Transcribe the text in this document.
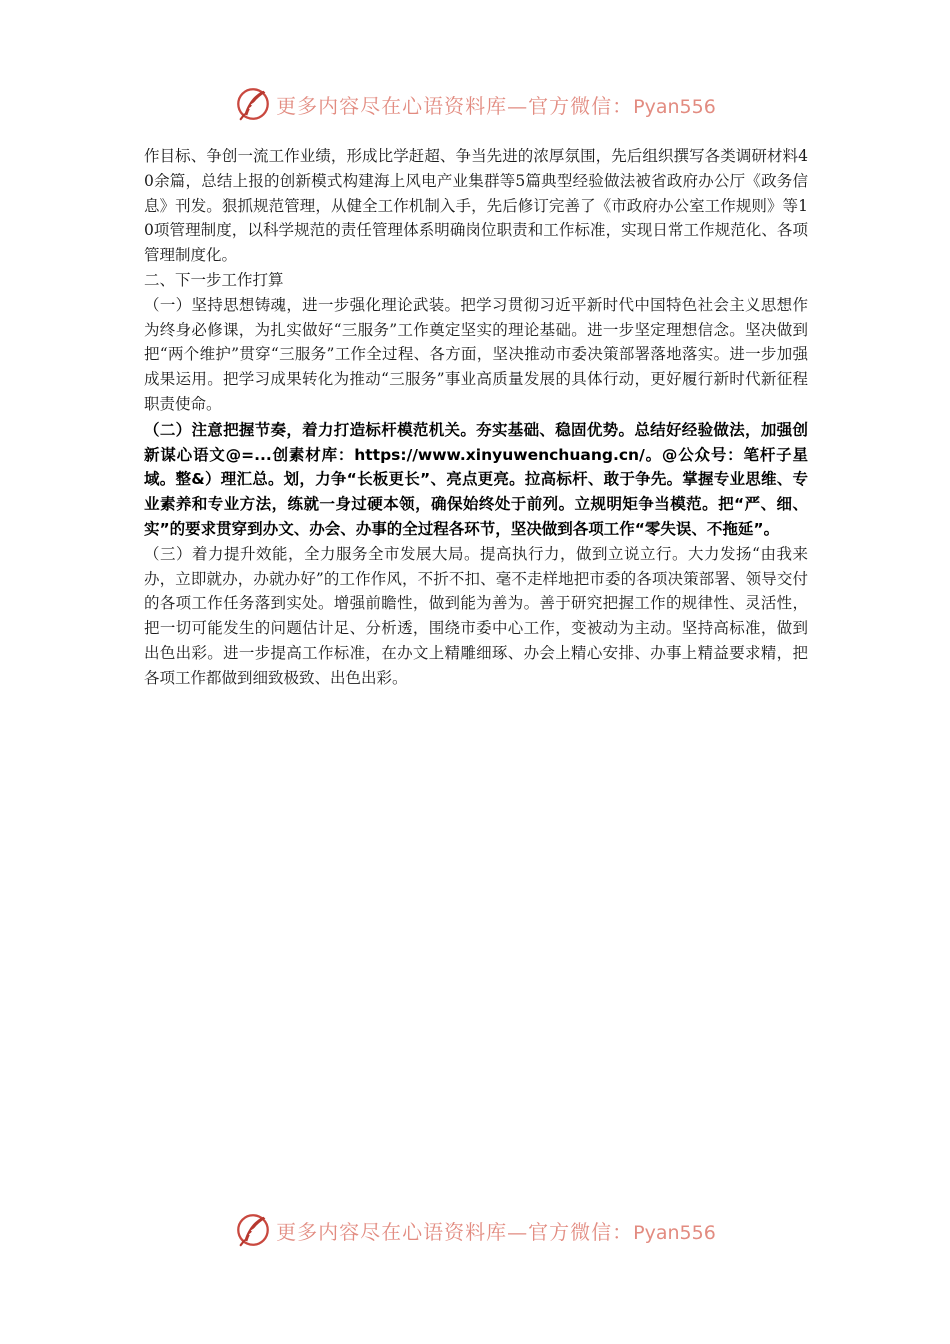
更多内容尽在心语资料库—官方微信：Pyan556

作目标、争创一流工作业绩，形成比学赶超、争当先进的浓厚氛围，先后组织撰写各类调研材料40余篇，总结上报的创新模式构建海上风电产业集群等5篇典型经验做法被省政府办公厅《政务信息》刊发。狠抓规范管理，从健全工作机制入手，先后修订完善了《市政府办公室工作规则》等10项管理制度，以科学规范的责任管理体系明确岗位职责和工作标准，实现日常工作规范化、各项管理制度化。

二、下一步工作打算

（一）坚持思想铸魂，进一步强化理论武装。把学习贯彻习近平新时代中国特色社会主义思想作为终身必修课，为扎实做好“三服务”工作奠定坚实的理论基础。进一步坚定理想信念。坚决做到把“两个维护”贯穿“三服务”工作全过程、各方面，坚决推动市委决策部署落地落实。进一步加强成果运用。把学习成果转化为推动“三服务”事业高质量发展的具体行动，更好履行新时代新征程职责使命。

（二）注意把握节奏，着力打造标杆模范机关。夯实基础、稳固优势。总结好经验做法，加强创新谋心语文@=...创素材库：https://www.xinyuwenchuang.cn/。@公众号：笔杆子星域。整&）理汇总。划，力争“长板更长”、亮点更亮。拉高标杆、敢于争先。掌握专业思维、专业素养和专业方法，练就一身过硬本领，确保始终处于前列。立规明矩争当模范。把“严、细、实”的要求贯穿到办文、办会、办事的全过程各环节，坚决做到各项工作“零失误、不拖延”。

（三）着力提升效能，全力服务全市发展大局。提高执行力，做到立说立行。大力发扬“由我来办，立即就办，办就办好”的工作作风，不折不扣、毫不走样地把市委的各项决策部署、领导交付的各项工作任务落到实处。增强前瞻性，做到能为善为。善于研究把握工作的规律性、灵活性，把一切可能发生的问题估计足、分析透，围绕市委中心工作，变被动为主动。坚持高标准，做到出色出彩。进一步提高工作标准，在办文上精雕细琢、办会上精心安排、办事上精益要求精，把各项工作都做到细致极致、出色出彩。

更多内容尽在心语资料库—官方微信：Pyan556
